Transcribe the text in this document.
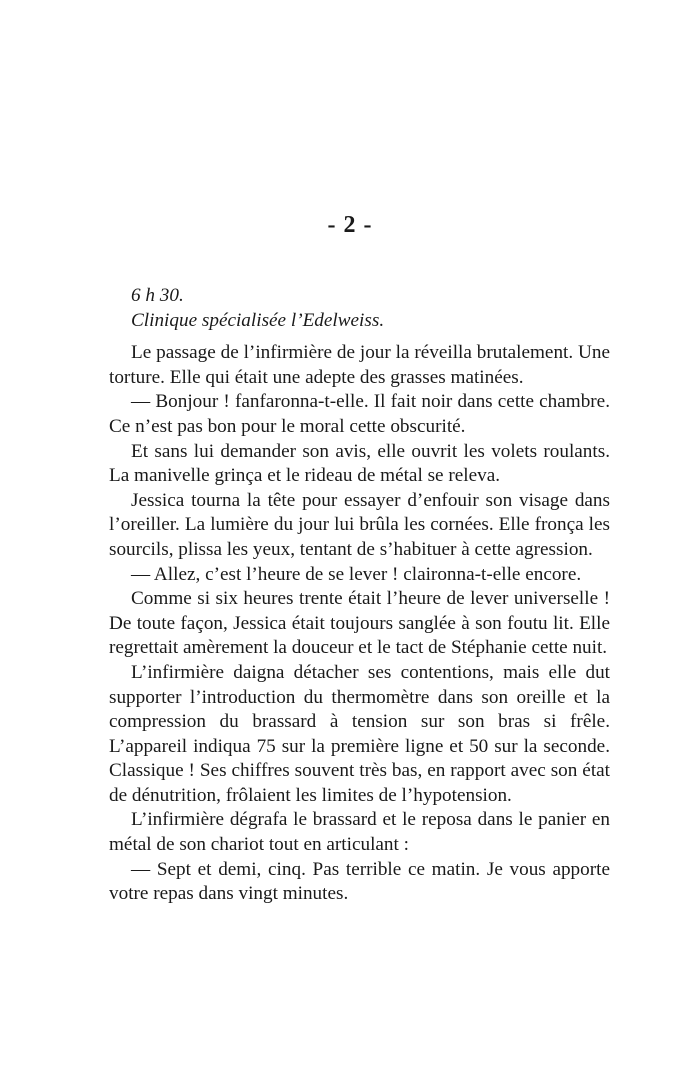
- 2 -

6 h 30.

Clinique spécialisée l’Edelweiss.

Le passage de l’infirmière de jour la réveilla brutalement. Une torture. Elle qui était une adepte des grasses matinées.

— Bonjour ! fanfaronna-t-elle. Il fait noir dans cette chambre. Ce n’est pas bon pour le moral cette obscurité.

Et sans lui demander son avis, elle ouvrit les volets roulants. La manivelle grinça et le rideau de métal se releva.

Jessica tourna la tête pour essayer d’enfouir son visage dans l’oreiller. La lumière du jour lui brûla les cornées. Elle fronça les sourcils, plissa les yeux, tentant de s’habituer à cette agression.

— Allez, c’est l’heure de se lever ! claironna-t-elle encore.

Comme si six heures trente était l’heure de lever universelle ! De toute façon, Jessica était toujours sanglée à son foutu lit. Elle regrettait amèrement la douceur et le tact de Stéphanie cette nuit.

L’infirmière daigna détacher ses contentions, mais elle dut supporter l’introduction du thermomètre dans son oreille et la compression du brassard à tension sur son bras si frêle. L’appareil indiqua 75 sur la première ligne et 50 sur la seconde. Classique ! Ses chiffres souvent très bas, en rapport avec son état de dénutrition, frôlaient les limites de l’hypotension.

L’infirmière dégrafa le brassard et le reposa dans le panier en métal de son chariot tout en articulant :

— Sept et demi, cinq. Pas terrible ce matin. Je vous apporte votre repas dans vingt minutes.
